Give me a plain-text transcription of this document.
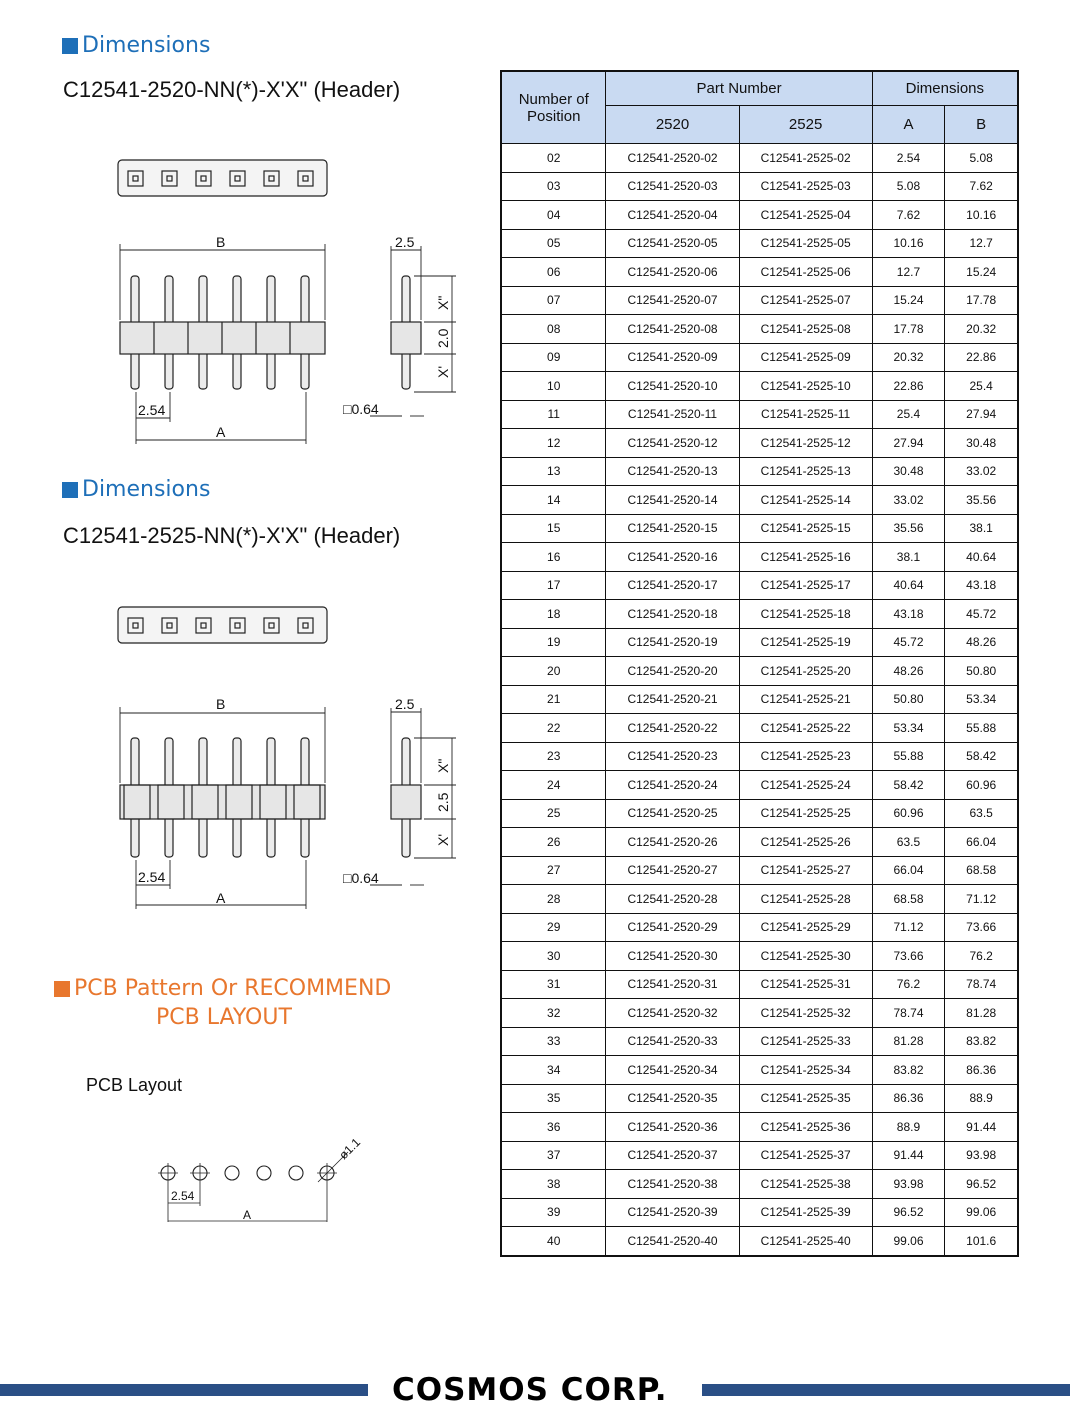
Dimensions
C12541-2520-NN(*)-X'X" (Header)
B
A
2.54
2.5
□0.64
X"
2.0
X'
Dimensions
C12541-2525-NN(*)-X'X" (Header)
B
A
2.54
2.5
□0.64
X"
2.5
X'
PCB Pattern Or RECOMMEND
PCB LAYOUT
PCB Layout
ø1.1
2.54
A
Number of Position	Part Number		Dimensions	
	2520	2525	A	B
02	C12541-2520-02	C12541-2525-02	2.54	5.08
03	C12541-2520-03	C12541-2525-03	5.08	7.62
04	C12541-2520-04	C12541-2525-04	7.62	10.16
05	C12541-2520-05	C12541-2525-05	10.16	12.7
06	C12541-2520-06	C12541-2525-06	12.7	15.24
07	C12541-2520-07	C12541-2525-07	15.24	17.78
08	C12541-2520-08	C12541-2525-08	17.78	20.32
09	C12541-2520-09	C12541-2525-09	20.32	22.86
10	C12541-2520-10	C12541-2525-10	22.86	25.4
11	C12541-2520-11	C12541-2525-11	25.4	27.94
12	C12541-2520-12	C12541-2525-12	27.94	30.48
13	C12541-2520-13	C12541-2525-13	30.48	33.02
14	C12541-2520-14	C12541-2525-14	33.02	35.56
15	C12541-2520-15	C12541-2525-15	35.56	38.1
16	C12541-2520-16	C12541-2525-16	38.1	40.64
17	C12541-2520-17	C12541-2525-17	40.64	43.18
18	C12541-2520-18	C12541-2525-18	43.18	45.72
19	C12541-2520-19	C12541-2525-19	45.72	48.26
20	C12541-2520-20	C12541-2525-20	48.26	50.80
21	C12541-2520-21	C12541-2525-21	50.80	53.34
22	C12541-2520-22	C12541-2525-22	53.34	55.88
23	C12541-2520-23	C12541-2525-23	55.88	58.42
24	C12541-2520-24	C12541-2525-24	58.42	60.96
25	C12541-2520-25	C12541-2525-25	60.96	63.5
26	C12541-2520-26	C12541-2525-26	63.5	66.04
27	C12541-2520-27	C12541-2525-27	66.04	68.58
28	C12541-2520-28	C12541-2525-28	68.58	71.12
29	C12541-2520-29	C12541-2525-29	71.12	73.66
30	C12541-2520-30	C12541-2525-30	73.66	76.2
31	C12541-2520-31	C12541-2525-31	76.2	78.74
32	C12541-2520-32	C12541-2525-32	78.74	81.28
33	C12541-2520-33	C12541-2525-33	81.28	83.82
34	C12541-2520-34	C12541-2525-34	83.82	86.36
35	C12541-2520-35	C12541-2525-35	86.36	88.9
36	C12541-2520-36	C12541-2525-36	88.9	91.44
37	C12541-2520-37	C12541-2525-37	91.44	93.98
38	C12541-2520-38	C12541-2525-38	93.98	96.52
39	C12541-2520-39	C12541-2525-39	96.52	99.06
40	C12541-2520-40	C12541-2525-40	99.06	101.6
COSMOS CORP.
